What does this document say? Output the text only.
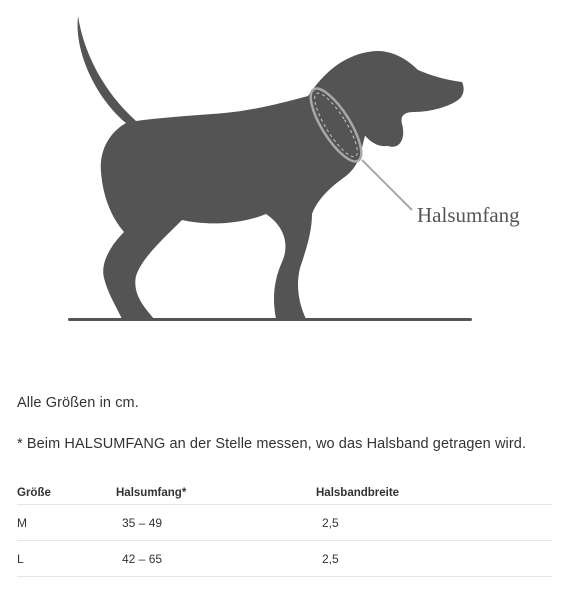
Halsumfang
Alle Größen in cm.
* Beim HALSUMFANG an der Stelle messen, wo das Halsband getragen wird.
Größe	Halsumfang*	Halsbandbreite
M	35 – 49	2,5
L	42 – 65	2,5
